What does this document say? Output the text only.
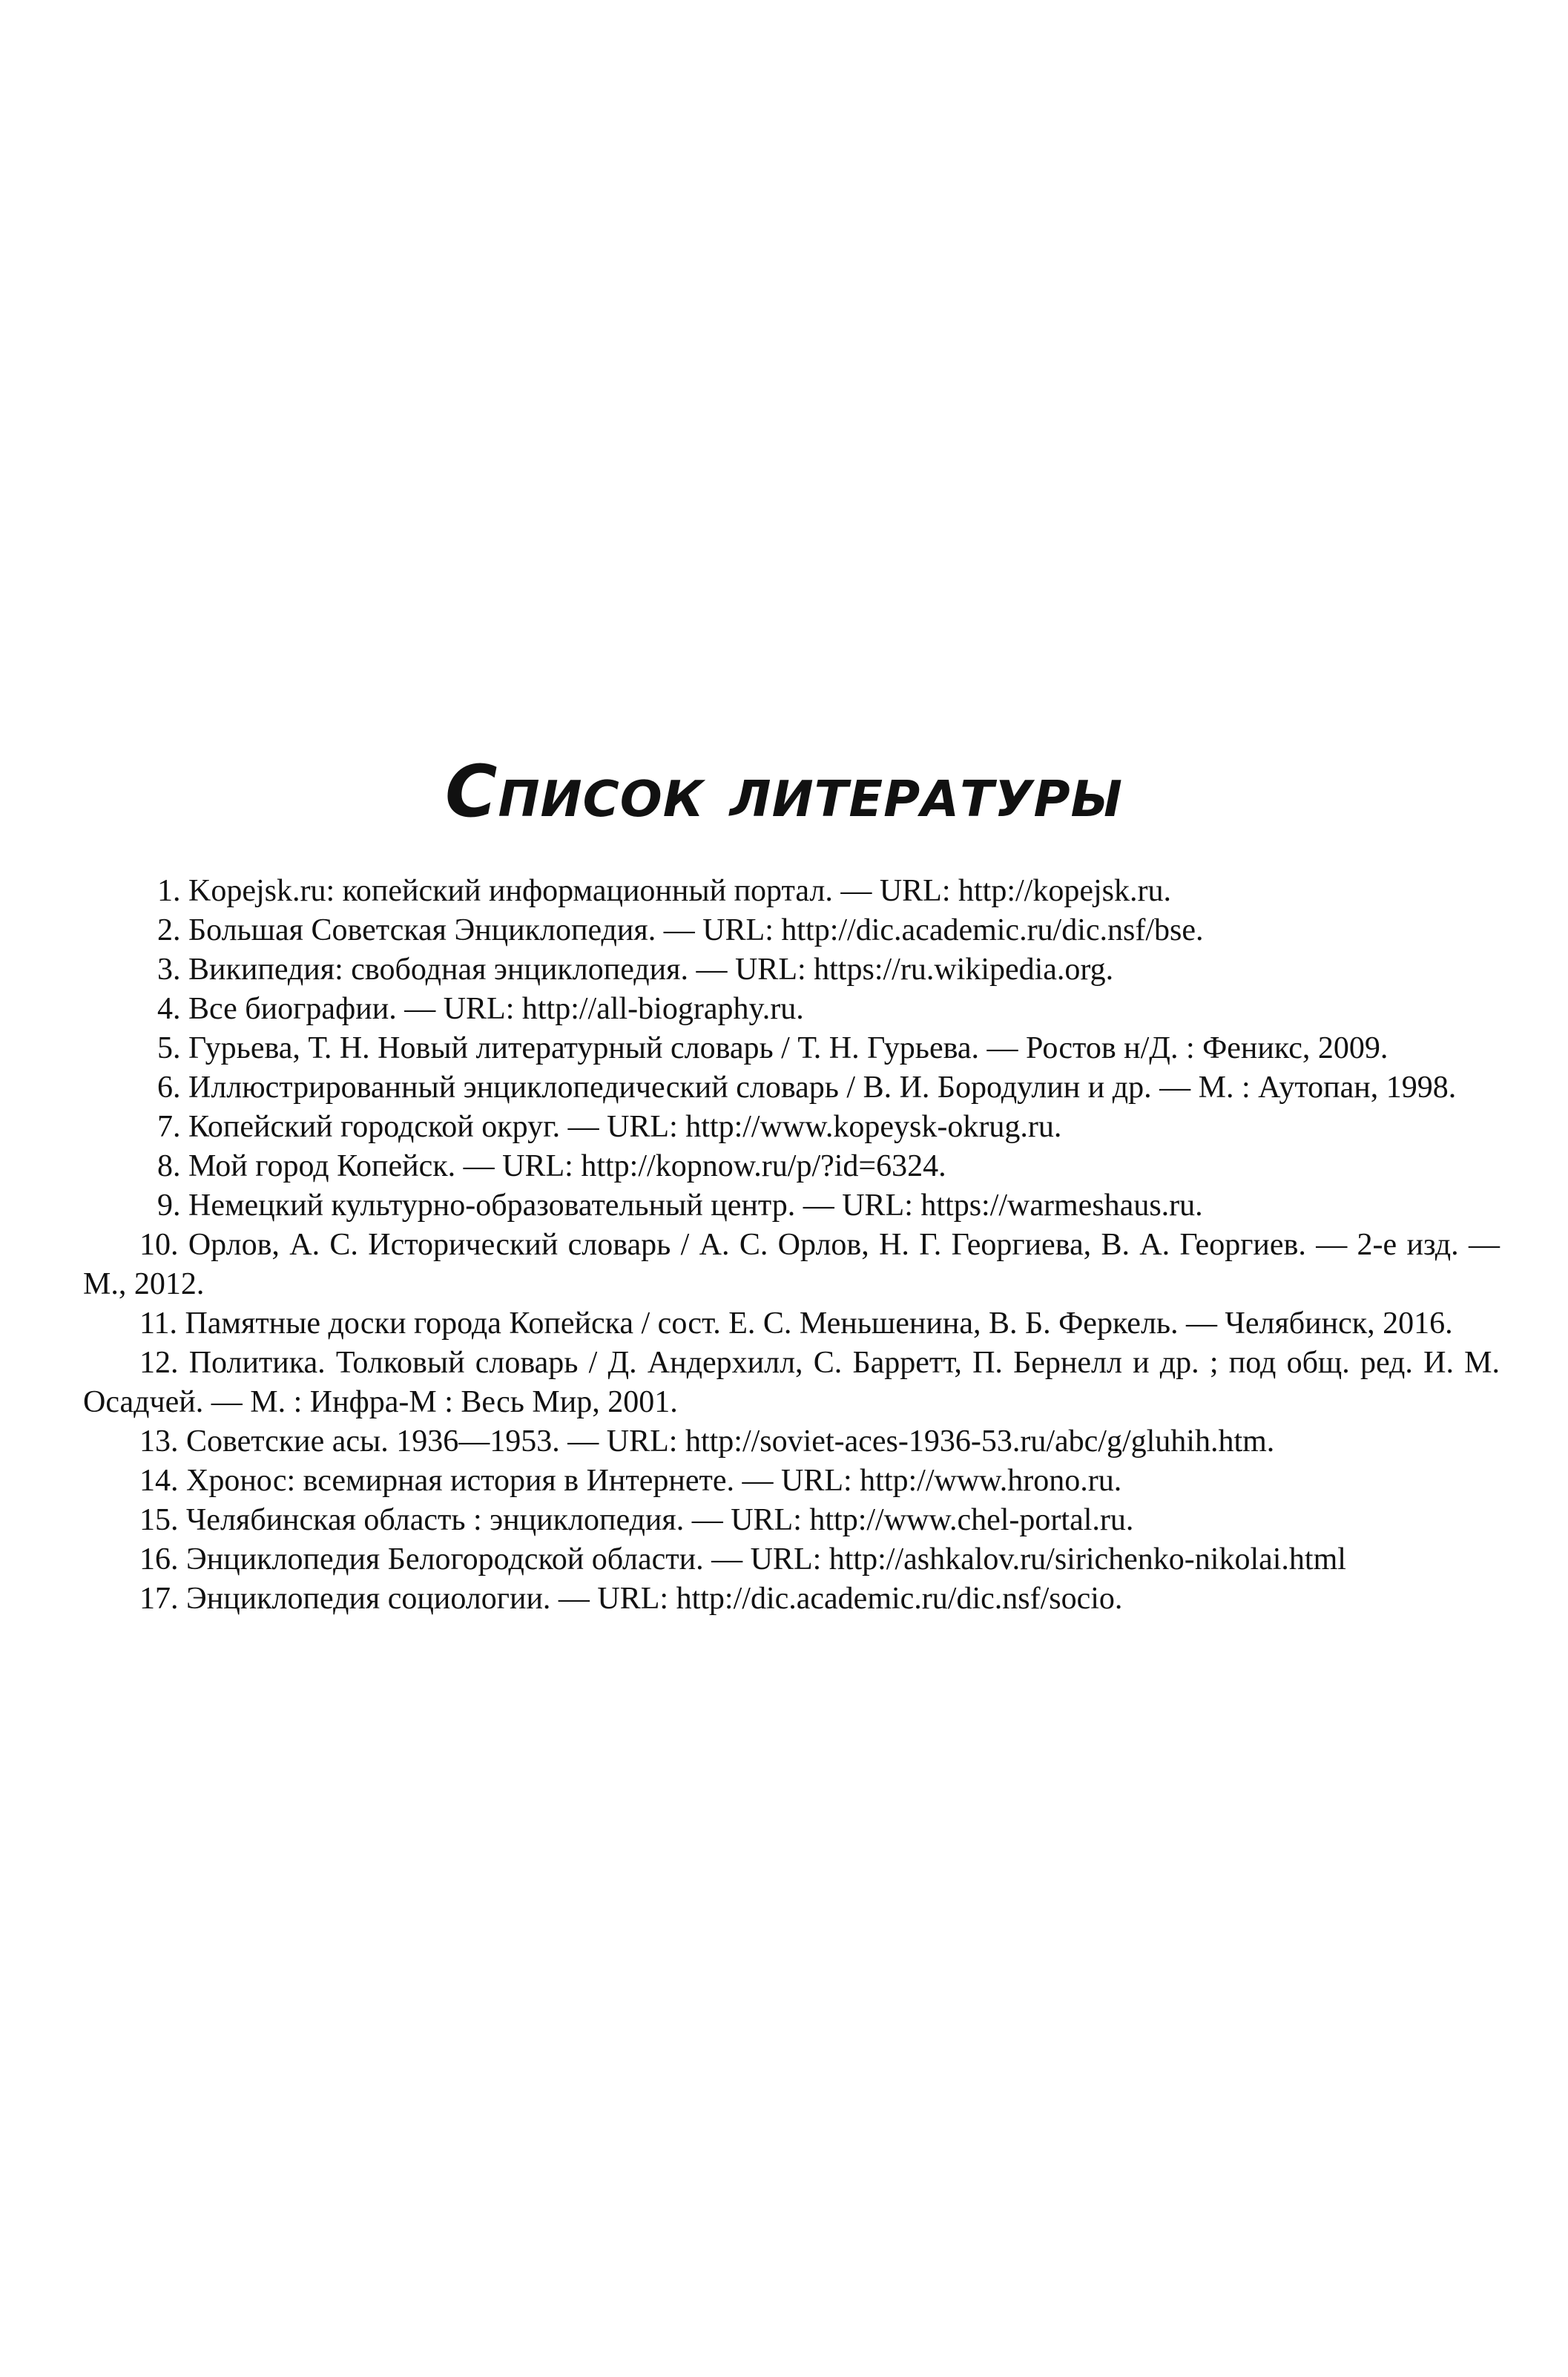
Список литературы
1. Kopejsk.ru: копейский информационный портал. — URL: http://kopejsk.ru.
2. Большая Советская Энциклопедия. — URL: http://dic.academic.ru/dic.nsf/bse.
3. Википедия: свободная энциклопедия. — URL: https://ru.wikipedia.org.
4. Все биографии. — URL: http://all-biography.ru.
5. Гурьева, Т. Н. Новый литературный словарь / Т. Н. Гурьева. — Ростов н/Д. : Феникс, 2009.
6. Иллюстрированный энциклопедический словарь / В. И. Бородулин и др. — М. : Аутопан, 1998.
7. Копейский городской округ. — URL: http://www.kopeysk-okrug.ru.
8. Мой город Копейск. — URL: http://kopnow.ru/p/?id=6324.
9. Немецкий культурно-образовательный центр. — URL: https://warmeshaus.ru.
10. Орлов, А. С. Исторический словарь / А. С. Орлов, Н. Г. Георгиева, В. А. Георгиев. — 2-е изд. — М., 2012.
11. Памятные доски города Копейска / сост. Е. С. Меньшенина, В. Б. Феркель. — Челябинск, 2016.
12. Политика. Толковый словарь / Д. Андерхилл, С. Барретт, П. Бернелл и др. ; под общ. ред. И. М. Осадчей. — М. : Инфра-М : Весь Мир, 2001.
13. Советские асы. 1936—1953. — URL: http://soviet-aces-1936-53.ru/abc/g/gluhih.htm.
14. Хронос: всемирная история в Интернете. — URL: http://www.hrono.ru.
15. Челябинская область : энциклопедия. — URL: http://www.chel-portal.ru.
16. Энциклопедия Белогородской области. — URL: http://ashkalov.ru/sirichenko-nikolai.html
17. Энциклопедия социологии. — URL: http://dic.academic.ru/dic.nsf/socio.
